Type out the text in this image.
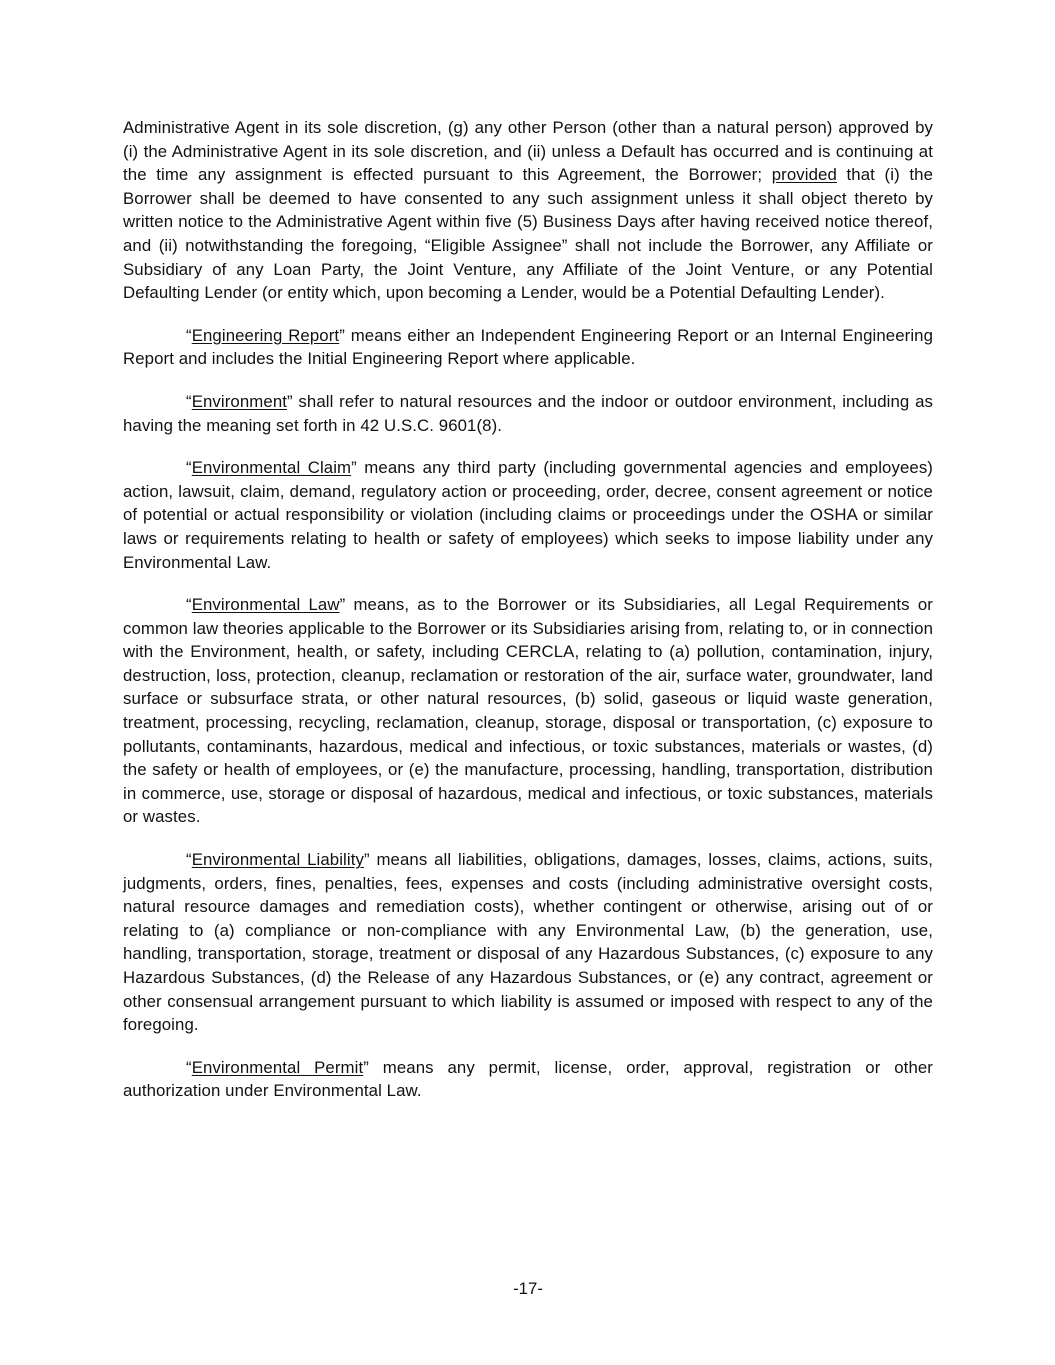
Administrative Agent in its sole discretion, (g) any other Person (other than a natural person) approved by (i) the Administrative Agent in its sole discretion, and (ii) unless a Default has occurred and is continuing at the time any assignment is effected pursuant to this Agreement, the Borrower; provided that (i) the Borrower shall be deemed to have consented to any such assignment unless it shall object thereto by written notice to the Administrative Agent within five (5) Business Days after having received notice thereof, and (ii) notwithstanding the foregoing, “Eligible Assignee” shall not include the Borrower, any Affiliate or Subsidiary of any Loan Party, the Joint Venture, any Affiliate of the Joint Venture, or any Potential Defaulting Lender (or entity which, upon becoming a Lender, would be a Potential Defaulting Lender).

“Engineering Report” means either an Independent Engineering Report or an Internal Engineering Report and includes the Initial Engineering Report where applicable.

“Environment” shall refer to natural resources and the indoor or outdoor environment, including as having the meaning set forth in 42 U.S.C. 9601(8).

“Environmental Claim” means any third party (including governmental agencies and employees) action, lawsuit, claim, demand, regulatory action or proceeding, order, decree, consent agreement or notice of potential or actual responsibility or violation (including claims or proceedings under the OSHA or similar laws or requirements relating to health or safety of employees) which seeks to impose liability under any Environmental Law.

“Environmental Law” means, as to the Borrower or its Subsidiaries, all Legal Requirements or common law theories applicable to the Borrower or its Subsidiaries arising from, relating to, or in connection with the Environment, health, or safety, including CERCLA, relating to (a) pollution, contamination, injury, destruction, loss, protection, cleanup, reclamation or restoration of the air, surface water, groundwater, land surface or subsurface strata, or other natural resources, (b) solid, gaseous or liquid waste generation, treatment, processing, recycling, reclamation, cleanup, storage, disposal or transportation, (c) exposure to pollutants, contaminants, hazardous, medical and infectious, or toxic substances, materials or wastes, (d) the safety or health of employees, or (e) the manufacture, processing, handling, transportation, distribution in commerce, use, storage or disposal of hazardous, medical and infectious, or toxic substances, materials or wastes.

“Environmental Liability” means all liabilities, obligations, damages, losses, claims, actions, suits, judgments, orders, fines, penalties, fees, expenses and costs (including administrative oversight costs, natural resource damages and remediation costs), whether contingent or otherwise, arising out of or relating to (a) compliance or non-compliance with any Environmental Law, (b) the generation, use, handling, transportation, storage, treatment or disposal of any Hazardous Substances, (c) exposure to any Hazardous Substances, (d) the Release of any Hazardous Substances, or (e) any contract, agreement or other consensual arrangement pursuant to which liability is assumed or imposed with respect to any of the foregoing.

“Environmental Permit” means any permit, license, order, approval, registration or other authorization under Environmental Law.

-17-
